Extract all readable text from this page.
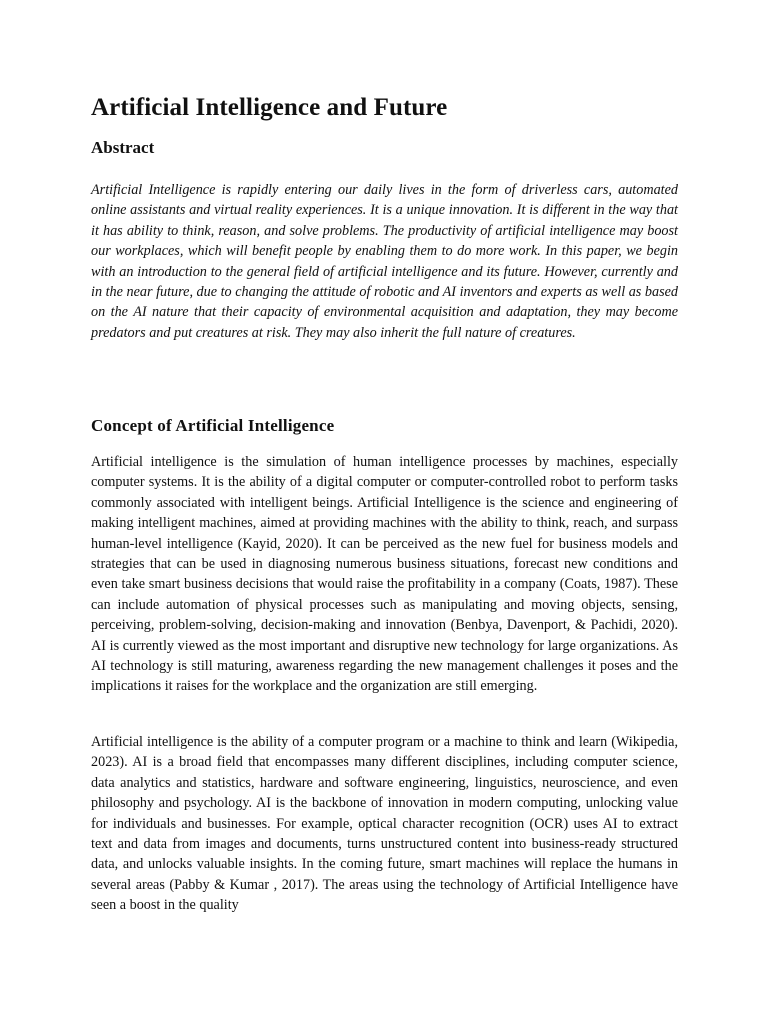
Artificial Intelligence and Future
Abstract

Artificial Intelligence is rapidly entering our daily lives in the form of driverless cars, automated online assistants and virtual reality experiences. It is a unique innovation. It is different in the way that it has ability to think, reason, and solve problems. The productivity of artificial intelligence may boost our workplaces, which will benefit people by enabling them to do more work. In this paper, we begin with an introduction to the general field of artificial intelligence and its future. However, currently and in the near future, due to changing the attitude of robotic and AI inventors and experts as well as based on the AI nature that their capacity of environmental acquisition and adaptation, they may become predators and put creatures at risk. They may also inherit the full nature of creatures.

Concept of Artificial Intelligence

Artificial intelligence is the simulation of human intelligence processes by machines, especially computer systems. It is the ability of a digital computer or computer-controlled robot to perform tasks commonly associated with intelligent beings. Artificial Intelligence is the science and engineering of making intelligent machines, aimed at providing machines with the ability to think, reach, and surpass human-level intelligence (Kayid, 2020). It can be perceived as the new fuel for business models and strategies that can be used in diagnosing numerous business situations, forecast new conditions and even take smart business decisions that would raise the profitability in a company (Coats, 1987). These can include automation of physical processes such as manipulating and moving objects, sensing, perceiving, problem-solving, decision-making and innovation (Benbya, Davenport, & Pachidi, 2020). AI is currently viewed as the most important and disruptive new technology for large organizations. As AI technology is still maturing, awareness regarding the new management challenges it poses and the implications it raises for the workplace and the organization are still emerging.

Artificial intelligence is the ability of a computer program or a machine to think and learn (Wikipedia, 2023). AI is a broad field that encompasses many different disciplines, including computer science, data analytics and statistics, hardware and software engineering, linguistics, neuroscience, and even philosophy and psychology. AI is the backbone of innovation in modern computing, unlocking value for individuals and businesses. For example, optical character recognition (OCR) uses AI to extract text and data from images and documents, turns unstructured content into business-ready structured data, and unlocks valuable insights. In the coming future, smart machines will replace the humans in several areas (Pabby & Kumar , 2017). The areas using the technology of Artificial Intelligence have seen a boost in the quality
